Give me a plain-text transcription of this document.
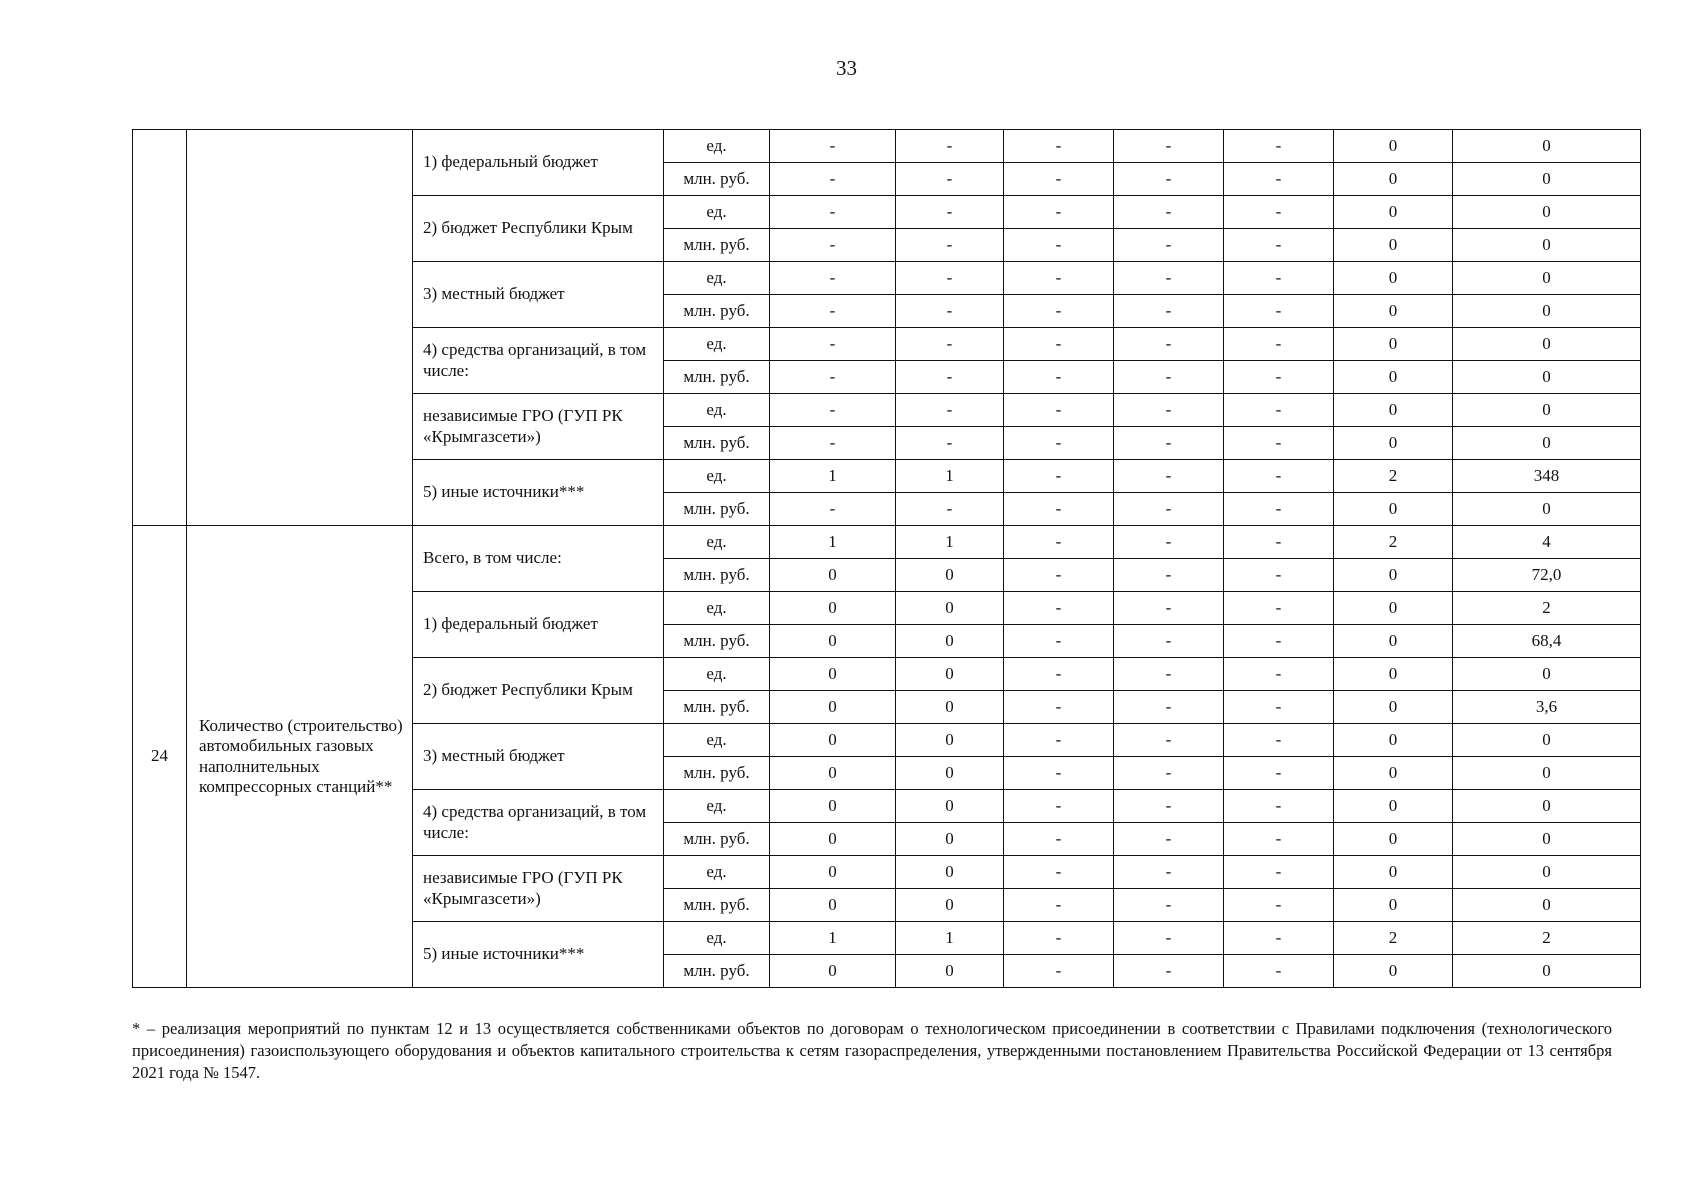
33
		1) федеральный бюджет	ед.	-	-	-	-	-	0	0
			млн. руб.	-	-	-	-	-	0	0
		2) бюджет Республики Крым	ед.	-	-	-	-	-	0	0
			млн. руб.	-	-	-	-	-	0	0
		3) местный бюджет	ед.	-	-	-	-	-	0	0
			млн. руб.	-	-	-	-	-	0	0
		4) средства организаций, в том числе:	ед.	-	-	-	-	-	0	0
			млн. руб.	-	-	-	-	-	0	0
		независимые ГРО (ГУП РК «Крымгазсети»)	ед.	-	-	-	-	-	0	0
			млн. руб.	-	-	-	-	-	0	0
		5) иные источники***	ед.	1	1	-	-	-	2	348
			млн. руб.	-	-	-	-	-	0	0
24	Количество (строительство) автомобильных газовых наполнительных компрессорных станций**	Всего, в том числе:	ед.	1	1	-	-	-	2	4
			млн. руб.	0	0	-	-	-	0	72,0
		1) федеральный бюджет	ед.	0	0	-	-	-	0	2
			млн. руб.	0	0	-	-	-	0	68,4
		2) бюджет Республики Крым	ед.	0	0	-	-	-	0	0
			млн. руб.	0	0	-	-	-	0	3,6
		3) местный бюджет	ед.	0	0	-	-	-	0	0
			млн. руб.	0	0	-	-	-	0	0
		4) средства организаций, в том числе:	ед.	0	0	-	-	-	0	0
			млн. руб.	0	0	-	-	-	0	0
		независимые ГРО (ГУП РК «Крымгазсети»)	ед.	0	0	-	-	-	0	0
			млн. руб.	0	0	-	-	-	0	0
		5) иные источники***	ед.	1	1	-	-	-	2	2
			млн. руб.	0	0	-	-	-	0	0
* – реализация мероприятий по пунктам 12 и 13 осуществляется собственниками объектов по договорам о технологическом присоединении в соответствии с Правилами подключения (технологического присоединения) газоиспользующего оборудования и объектов капитального строительства к сетям газораспределения, утвержденными постановлением Правительства Российской Федерации от 13 сентября 2021 года № 1547.
